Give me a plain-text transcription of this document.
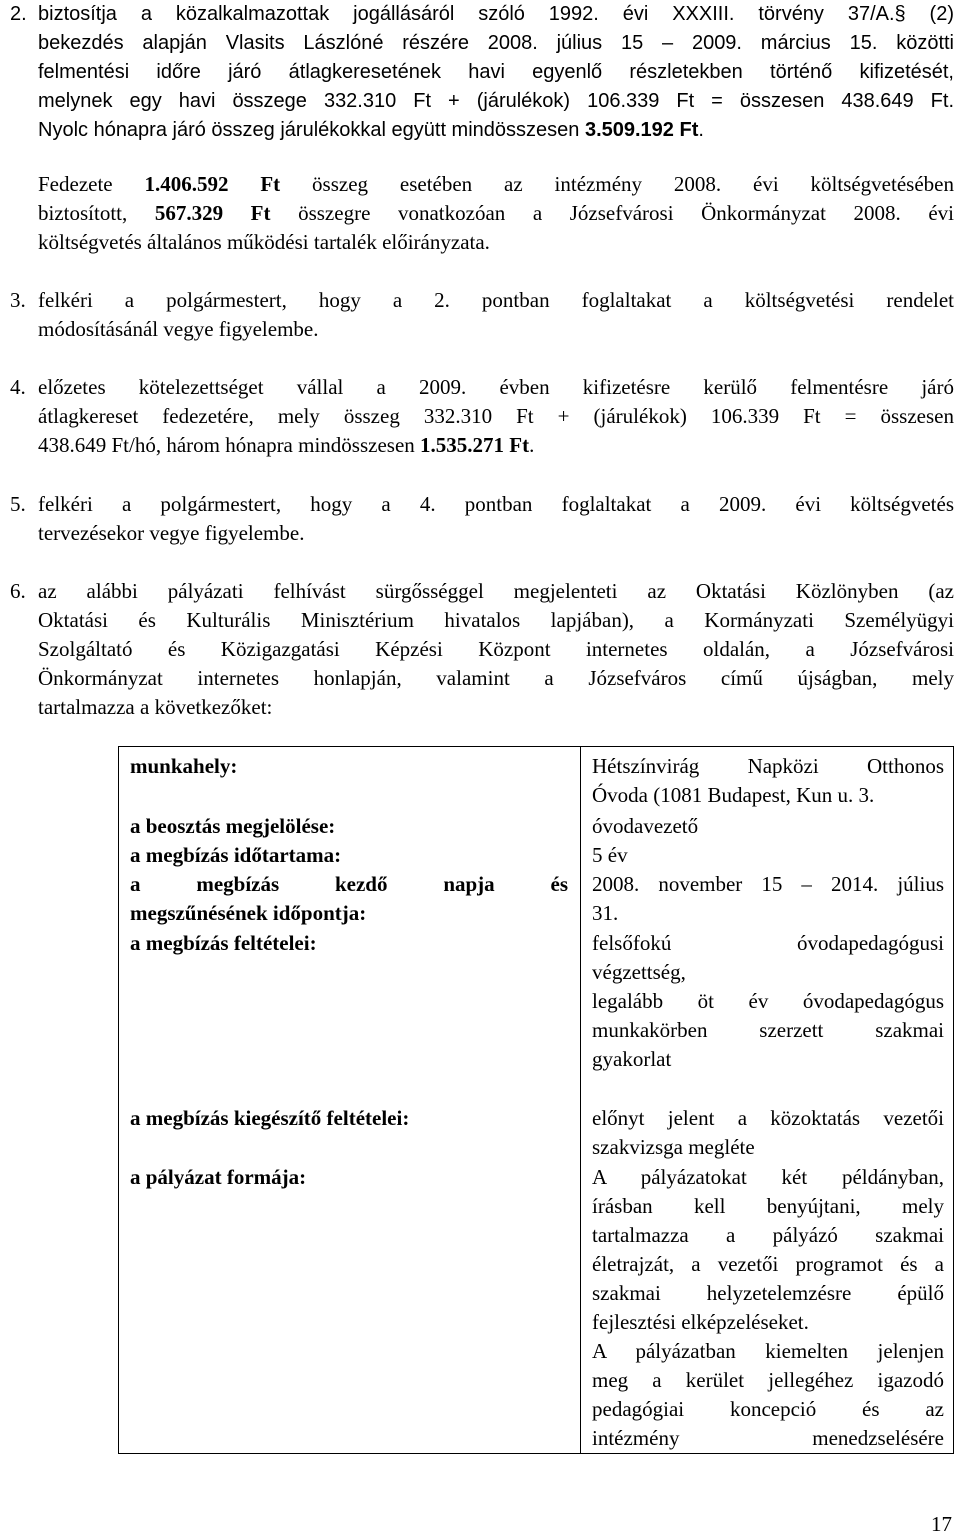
2. biztosítja a közalkalmazottak jogállásáról szóló 1992. évi XXXIII. törvény 37/A.§ (2)
bekezdés alapján Vlasits Lászlóné részére 2008. július 15 – 2009. március 15. közötti
felmentési időre járó átlagkeresetének havi egyenlő részletekben történő kifizetését,
melynek egy havi összege 332.310 Ft + (járulékok) 106.339 Ft = összesen 438.649 Ft.
Nyolc hónapra járó összeg járulékokkal együtt mindösszesen 3.509.192 Ft.
Fedezete 1.406.592 Ft összeg esetében az intézmény 2008. évi költségvetésében
biztosított, 567.329 Ft összegre vonatkozóan a Józsefvárosi Önkormányzat 2008. évi
költségvetés általános működési tartalék előirányzata.
3. felkéri a polgármestert, hogy a 2. pontban foglaltakat a költségvetési rendelet
módosításánál vegye figyelembe.
4. előzetes kötelezettséget vállal a 2009. évben kifizetésre kerülő felmentésre járó
átlagkereset fedezetére, mely összeg 332.310 Ft + (járulékok) 106.339 Ft = összesen
438.649 Ft/hó, három hónapra mindösszesen 1.535.271 Ft.
5. felkéri a polgármestert, hogy a 4. pontban foglaltakat a 2009. évi költségvetés
tervezésekor vegye figyelembe.
6. az alábbi pályázati felhívást sürgősséggel megjelenteti az Oktatási Közlönyben (az
Oktatási és Kulturális Minisztérium hivatalos lapjában), a Kormányzati Személyügyi
Szolgáltató és Közigazgatási Képzési Központ internetes oldalán, a Józsefvárosi
Önkormányzat internetes honlapján, valamint a Józsefváros című újságban, mely
tartalmazza a következőket:
munkahely:	Hétszínvirág Napközi Otthonos
Óvoda (1081 Budapest, Kun u. 3.
a beosztás megjelölése:	óvodavezető
a megbízás időtartama:	5 év
a megbízás kezdő napja és
megszűnésének időpontja:
2008. november 15 – 2014. július
31.
a megbízás feltételei:	felsőfokú óvodapedagógusi
végzettség,
legalább öt év óvodapedagógus
munkakörben szerzett szakmai
gyakorlat
a megbízás kiegészítő feltételei:	előnyt jelent a közoktatás vezetői
szakvizsga megléte
a pályázat formája:	A pályázatokat két példányban,
írásban kell benyújtani, mely
tartalmazza a pályázó szakmai
életrajzát, a vezetői programot és a
szakmai helyzetelemzésre épülő
fejlesztési elképzeléseket.
A pályázatban kiemelten jelenjen
meg a kerület jellegéhez igazodó
pedagógiai koncepció és az
intézmény menedzselésére
17
